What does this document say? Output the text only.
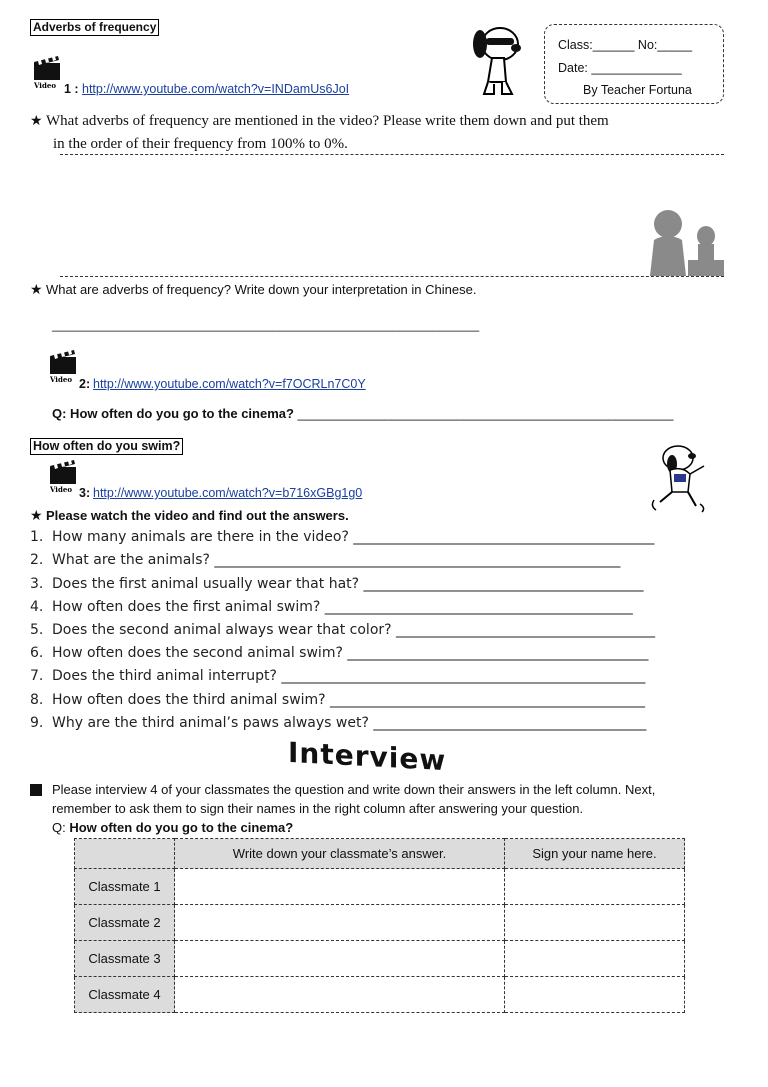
Adverbs of frequency
Video 1 : http://www.youtube.com/watch?v=INDamUs6JoI
Class:______ No:_____
Date: _____________
By Teacher Fortuna
★ What adverbs of frequency are mentioned in the video? Please write them down and put them
in the order of their frequency from 100% to 0%.
★ What are adverbs of frequency? Write down your interpretation in Chinese.
________________________________________________________________
Video 2: http://www.youtube.com/watch?v=f7OCRLn7C0Y
Q: How often do you go to the cinema? ____________________________________________________
How often do you swim?
Video 3: http://www.youtube.com/watch?v=b716xGBg1g0
★ Please watch the video and find out the answers.
1. How many animals are there in the video? ___________________________________________
2. What are the animals? __________________________________________________________
3. Does the first animal usually wear that hat? ________________________________________
4. How often does the first animal swim? ____________________________________________
5. Does the second animal always wear that color? _____________________________________
6. How often does the second animal swim? ___________________________________________
7. Does the third animal interrupt? ____________________________________________________
8. How often does the third animal swim? _____________________________________________
9. Why are the third animal’s paws always wet? _______________________________________
Interview
Please interview 4 of your classmates the question and write down their answers in the left column. Next,
remember to ask them to sign their names in the right column after answering your question.
Q: How often do you go to the cinema?
	Write down your classmate’s answer.	Sign your name here.
Classmate 1		
Classmate 2		
Classmate 3		
Classmate 4		
